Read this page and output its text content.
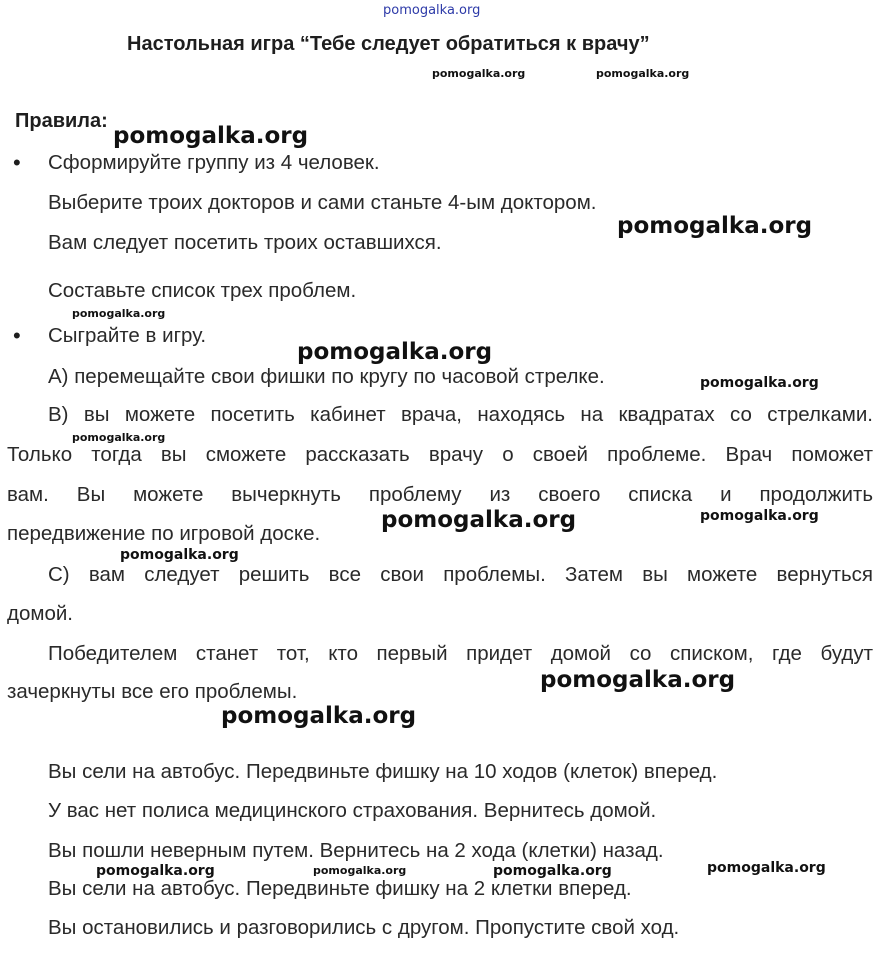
pomogalka.org
Настольная игра “Тебе следует обратиться к врачу”
Правила:
• Сформируйте группу из 4 человек.
Выберите троих докторов и сами станьте 4-ым доктором.
Вам следует посетить троих оставшихся.
Составьте список трех проблем.
• Сыграйте в игру.
А) перемещайте свои фишки по кругу по часовой стрелке.
В) вы можете посетить кабинет врача, находясь на квадратах со стрелками.
Только тогда вы сможете рассказать врачу о своей проблеме. Врач поможет
вам. Вы можете вычеркнуть проблему из своего списка и продолжить
передвижение по игровой доске.
С) вам следует решить все свои проблемы. Затем вы можете вернуться
домой.
Победителем станет тот, кто первый придет домой со списком, где будут
зачеркнуты все его проблемы.
Вы сели на автобус. Передвиньте фишку на 10 ходов (клеток) вперед.
У вас нет полиса медицинского страхования. Вернитесь домой.
Вы пошли неверным путем. Вернитесь на 2 хода (клетки) назад.
Вы сели на автобус. Передвиньте фишку на 2 клетки вперед.
Вы остановились и разговорились с другом. Пропустите свой ход.
pomogalka.org	pomogalka.org
pomogalka.org
pomogalka.org
pomogalka.org
pomogalka.org
pomogalka.org
pomogalka.org
pomogalka.org	pomogalka.org
pomogalka.org
pomogalka.org
pomogalka.org
pomogalka.org	pomogalka.org	pomogalka.org	pomogalka.org
